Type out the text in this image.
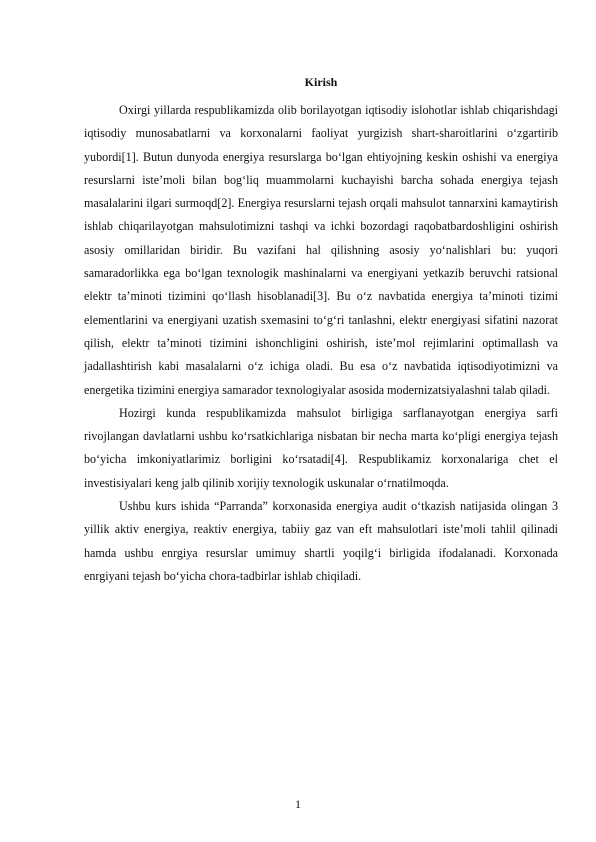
Kirish

Oxirgi yillarda respublikamizda olib borilayotgan iqtisodiy islohotlar ishlab chiqarishdagi iqtisodiy munosabatlarni va korxonalarni faoliyat yurgizish shart-sharoitlarini o‘zgartirib yubordi[1]. Butun dunyoda energiya resurslarga bo‘lgan ehtiyojning keskin oshishi va energiya resurslarni iste’moli bilan bog‘liq muammolarni kuchayishi barcha sohada energiya tejash masalalarini ilgari surmoqd[2]. Energiya resurslarni tejash orqali mahsulot tannarxini kamaytirish ishlab chiqarilayotgan mahsulotimizni tashqi va ichki bozordagi raqobatbardoshligini oshirish asosiy omillaridan biridir. Bu vazifani hal qilishning asosiy yo‘nalishlari bu: yuqori samaradorlikka ega bo‘lgan texnologik mashinalarni va energiyani yetkazib beruvchi ratsional elektr ta’minoti tizimini qo‘llash hisoblanadi[3]. Bu o‘z navbatida energiya ta’minoti tizimi elementlarini va energiyani uzatish sxemasini to‘g‘ri tanlashni, elektr energiyasi sifatini nazorat qilish, elektr ta’minoti tizimini ishonchligini oshirish, iste’mol rejimlarini optimallash va jadallashtirish kabi masalalarni o‘z ichiga oladi. Bu esa o‘z navbatida iqtisodiyotimizni va energetika tizimini energiya samarador texnologiyalar asosida modernizatsiyalashni talab qiladi.

Hozirgi kunda respublikamizda mahsulot birligiga sarflanayotgan energiya sarfi rivojlangan davlatlarni ushbu ko‘rsatkichlariga nisbatan bir necha marta ko‘pligi energiya tejash bo‘yicha imkoniyatlarimiz borligini ko‘rsatadi[4]. Respublikamiz korxonalariga chet el investisiyalari keng jalb qilinib xorijiy texnologik uskunalar o‘rnatilmoqda.

Ushbu kurs ishida “Parranda” korxonasida energiya audit o‘tkazish natijasida olingan 3 yillik aktiv energiya, reaktiv energiya, tabiiy gaz van eft mahsulotlari iste’moli tahlil qilinadi hamda ushbu enrgiya resurslar umimuy shartli yoqilg‘i birligida ifodalanadi. Korxonada enrgiyani tejash bo‘yicha chora-tadbirlar ishlab chiqiladi.

1
